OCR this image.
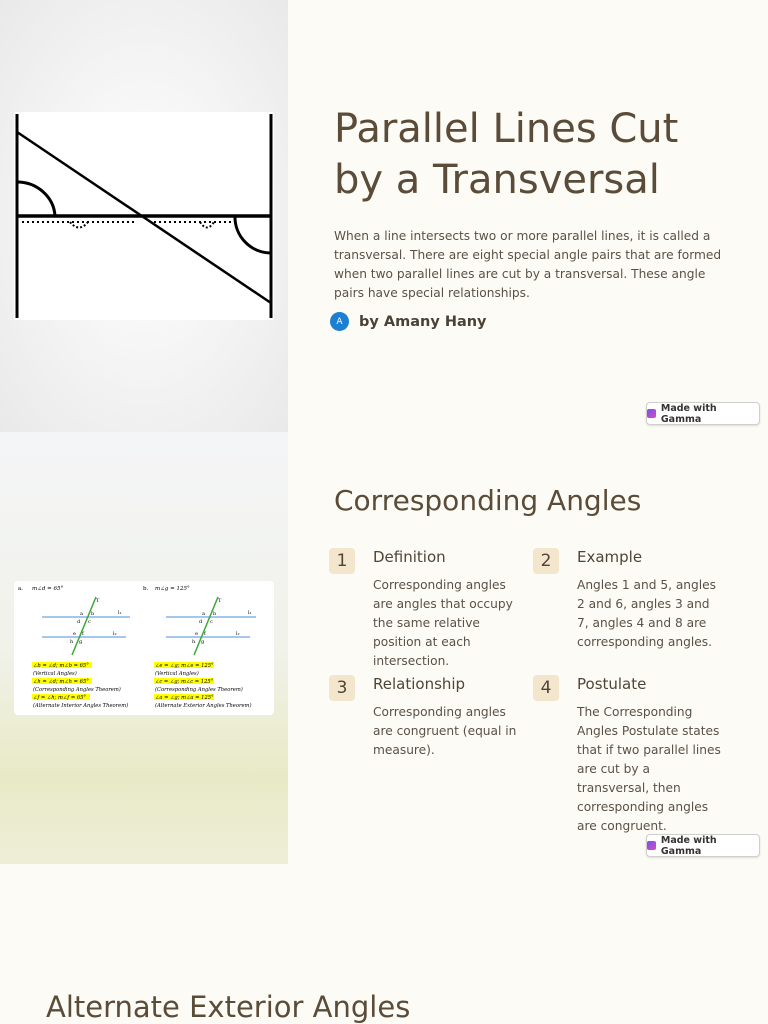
Parallel Lines Cut
by a Transversal

When a line intersects two or more parallel lines, it is called a transversal. There are eight special angle pairs that are formed when two parallel lines are cut by a transversal. These angle pairs have special relationships.

A	by Amany Hany
Made with Gamma
a. m∠d = 65°
T
l₁
l₂
a b
d c
e f
h g
∠b = ∠d; m∠b = 65°
(Vertical Angles)
∠h = ∠d; m∠h = 65°
(Corresponding Angles Theorem)
∠f = ∠h; m∠f = 65°
(Alternate Interior Angles Theorem)
b. m∠g = 125°
T
l₁
l₂
a b
d c
e f
h g
∠e = ∠g; m∠e = 125°
(Vertical Angles)
∠c = ∠g; m∠c = 125°
(Corresponding Angles Theorem)
∠a = ∠g; m∠a = 125°
(Alternate Exterior Angles Theorem)
Corresponding Angles
1	Definition
Corresponding angles are angles that occupy the same relative position at each intersection.
2	Example
Angles 1 and 5, angles 2 and 6, angles 3 and 7, angles 4 and 8 are corresponding angles.
3	Relationship
Corresponding angles are congruent (equal in measure).
4	Postulate
The Corresponding Angles Postulate states that if two parallel lines are cut by a transversal, then corresponding angles are congruent.
Made with Gamma
Alternate Exterior Angles
